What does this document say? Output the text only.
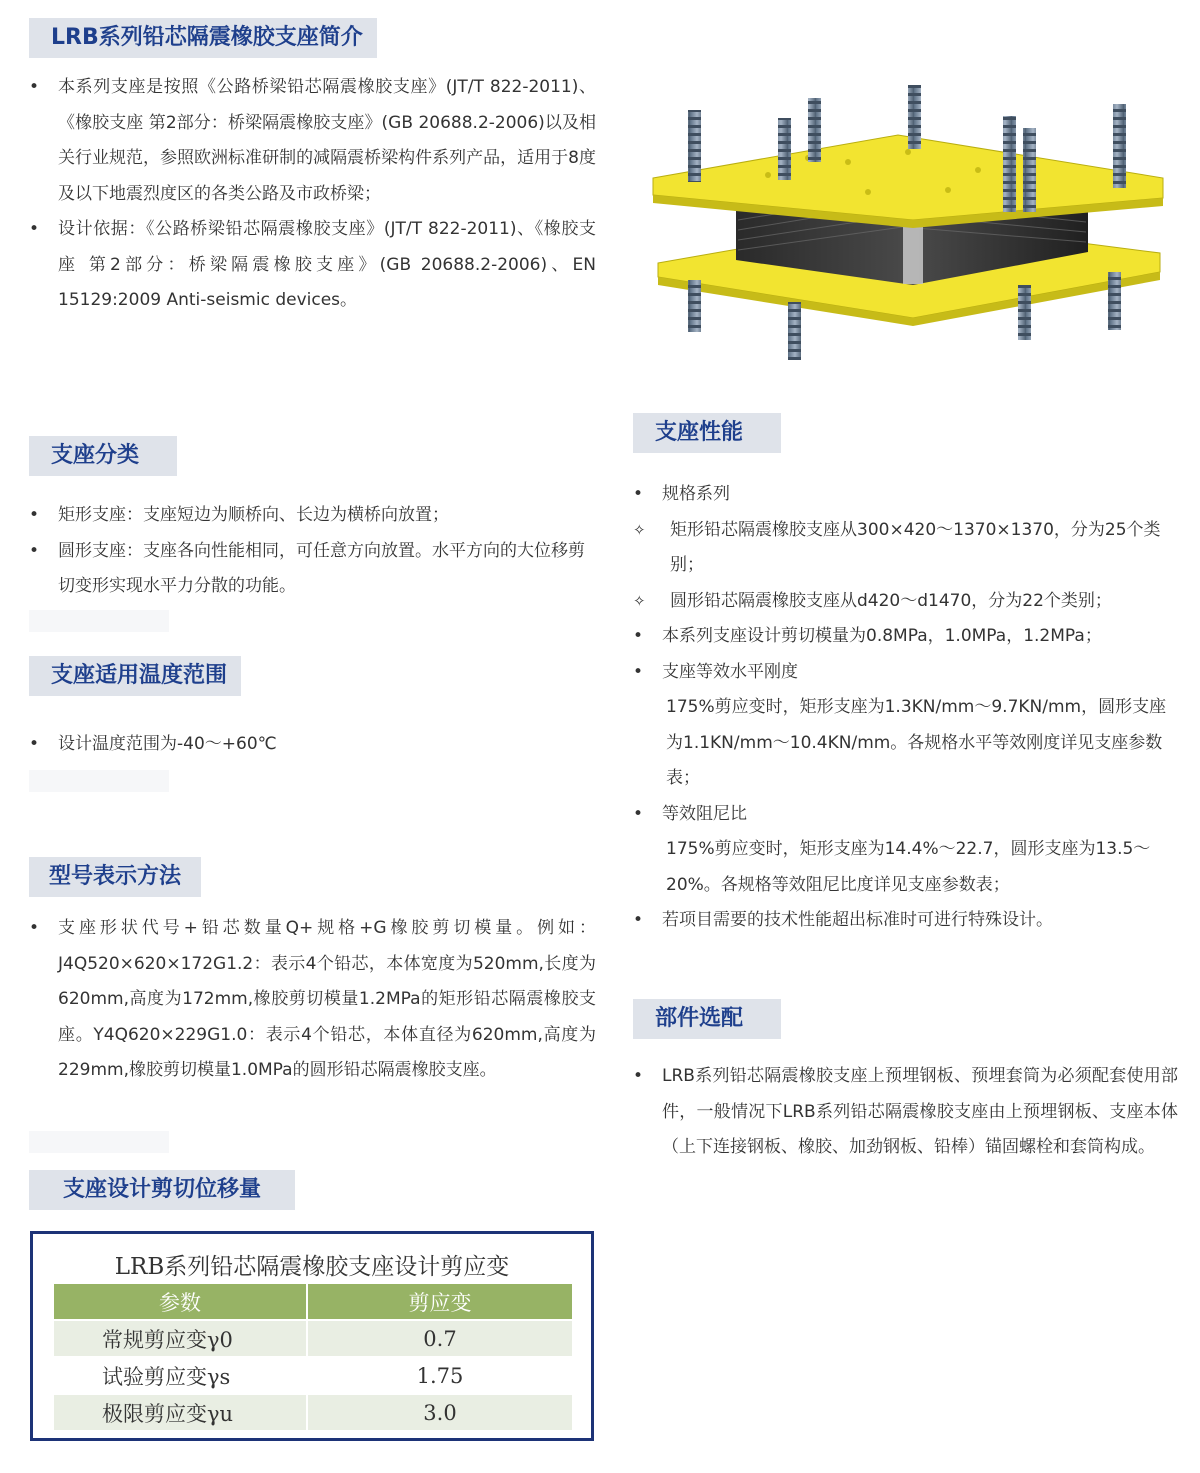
LRB系列铅芯隔震橡胶支座简介
•	本系列支座是按照《公路桥梁铅芯隔震橡胶支座》(JT/T 822-2011)、《橡胶支座 第2部分：桥梁隔震橡胶支座》(GB 20688.2-2006)以及相关行业规范，参照欧洲标准研制的减隔震桥梁构件系列产品，适用于8度及以下地震烈度区的各类公路及市政桥梁；
•	设计依据：《公路桥梁铅芯隔震橡胶支座》(JT/T 822-2011)、《橡胶支座 第2部分：桥梁隔震橡胶支座》(GB 20688.2-2006)、EN 15129:2009 Anti-seismic devices。
支座分类
•	矩形支座：支座短边为顺桥向、长边为横桥向放置；
•	圆形支座：支座各向性能相同，可任意方向放置。水平方向的大位移剪切变形实现水平力分散的功能。
支座适用温度范围
•	设计温度范围为-40～+60℃
型号表示方法
•	支座形状代号+铅芯数量Q+规格+G橡胶剪切模量。例如：J4Q520×620×172G1.2：表示4个铅芯，本体宽度为520mm,长度为620mm,高度为172mm,橡胶剪切模量1.2MPa的矩形铅芯隔震橡胶支座。Y4Q620×229G1.0：表示4个铅芯，本体直径为620mm,高度为229mm,橡胶剪切模量1.0MPa的圆形铅芯隔震橡胶支座。
支座设计剪切位移量
LRB系列铅芯隔震橡胶支座设计剪应变
参数	剪应变
常规剪应变γ0	0.7
试验剪应变γs	1.75
极限剪应变γu	3.0
支座性能
•	规格系列
✧ 矩形铅芯隔震橡胶支座从300×420～1370×1370，分为25个类别；
✧ 圆形铅芯隔震橡胶支座从d420～d1470，分为22个类别；
•	本系列支座设计剪切模量为0.8MPa，1.0MPa，1.2MPa；
•	支座等效水平刚度
175%剪应变时，矩形支座为1.3KN/mm～9.7KN/mm，圆形支座为1.1KN/mm～10.4KN/mm。各规格水平等效刚度详见支座参数表；
•	等效阻尼比
175%剪应变时，矩形支座为14.4%～22.7，圆形支座为13.5～20%。各规格等效阻尼比度详见支座参数表；
•	若项目需要的技术性能超出标准时可进行特殊设计。
部件选配
•	LRB系列铅芯隔震橡胶支座上预埋钢板、预埋套筒为必须配套使用部件，一般情况下LRB系列铅芯隔震橡胶支座由上预埋钢板、支座本体（上下连接钢板、橡胶、加劲钢板、铅棒）锚固螺栓和套筒构成。
